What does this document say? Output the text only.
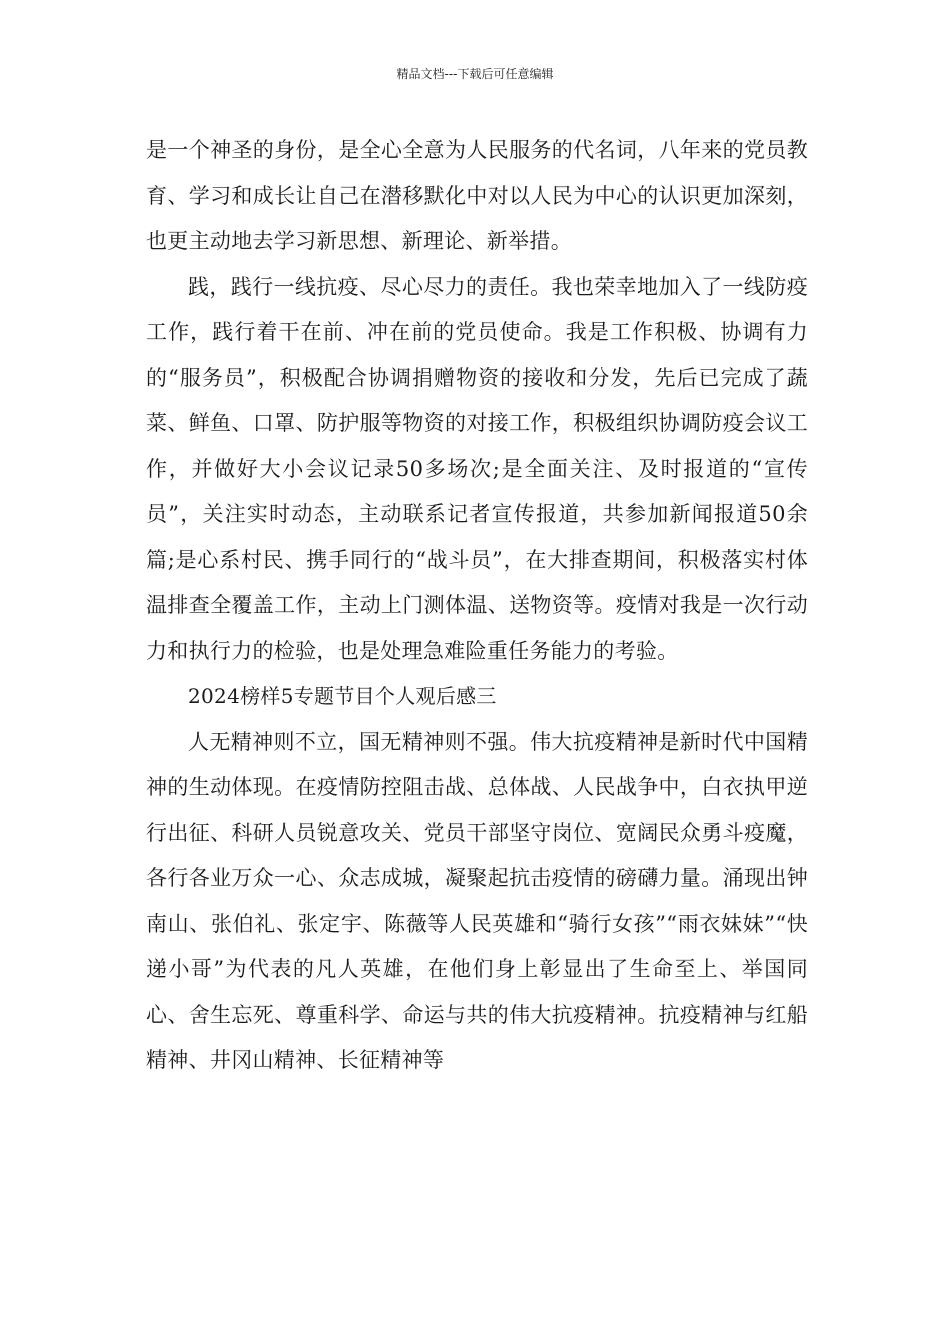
精品文档---下载后可任意编辑

是一个神圣的身份，是全心全意为人民服务的代名词，八年来的党员教育、学习和成长让自己在潜移默化中对以人民为中心的认识更加深刻，也更主动地去学习新思想、新理论、新举措。

践，践行一线抗疫、尽心尽力的责任。我也荣幸地加入了一线防疫工作，践行着干在前、冲在前的党员使命。我是工作积极、协调有力的“服务员”，积极配合协调捐赠物资的接收和分发，先后已完成了蔬菜、鲜鱼、口罩、防护服等物资的对接工作，积极组织协调防疫会议工作，并做好大小会议记录50多场次;是全面关注、及时报道的“宣传员”，关注实时动态，主动联系记者宣传报道，共参加新闻报道50余篇;是心系村民、携手同行的“战斗员”，在大排查期间，积极落实村体温排查全覆盖工作，主动上门测体温、送物资等。疫情对我是一次行动力和执行力的检验，也是处理急难险重任务能力的考验。

2024榜样5专题节目个人观后感三

人无精神则不立，国无精神则不强。伟大抗疫精神是新时代中国精神的生动体现。在疫情防控阻击战、总体战、人民战争中，白衣执甲逆行出征、科研人员锐意攻关、党员干部坚守岗位、宽阔民众勇斗疫魔，各行各业万众一心、众志成城，凝聚起抗击疫情的磅礴力量。涌现出钟南山、张伯礼、张定宇、陈薇等人民英雄和“骑行女孩”“雨衣妹妹”“快递小哥”为代表的凡人英雄，在他们身上彰显出了生命至上、举国同心、舍生忘死、尊重科学、命运与共的伟大抗疫精神。抗疫精神与红船精神、井冈山精神、长征精神等
